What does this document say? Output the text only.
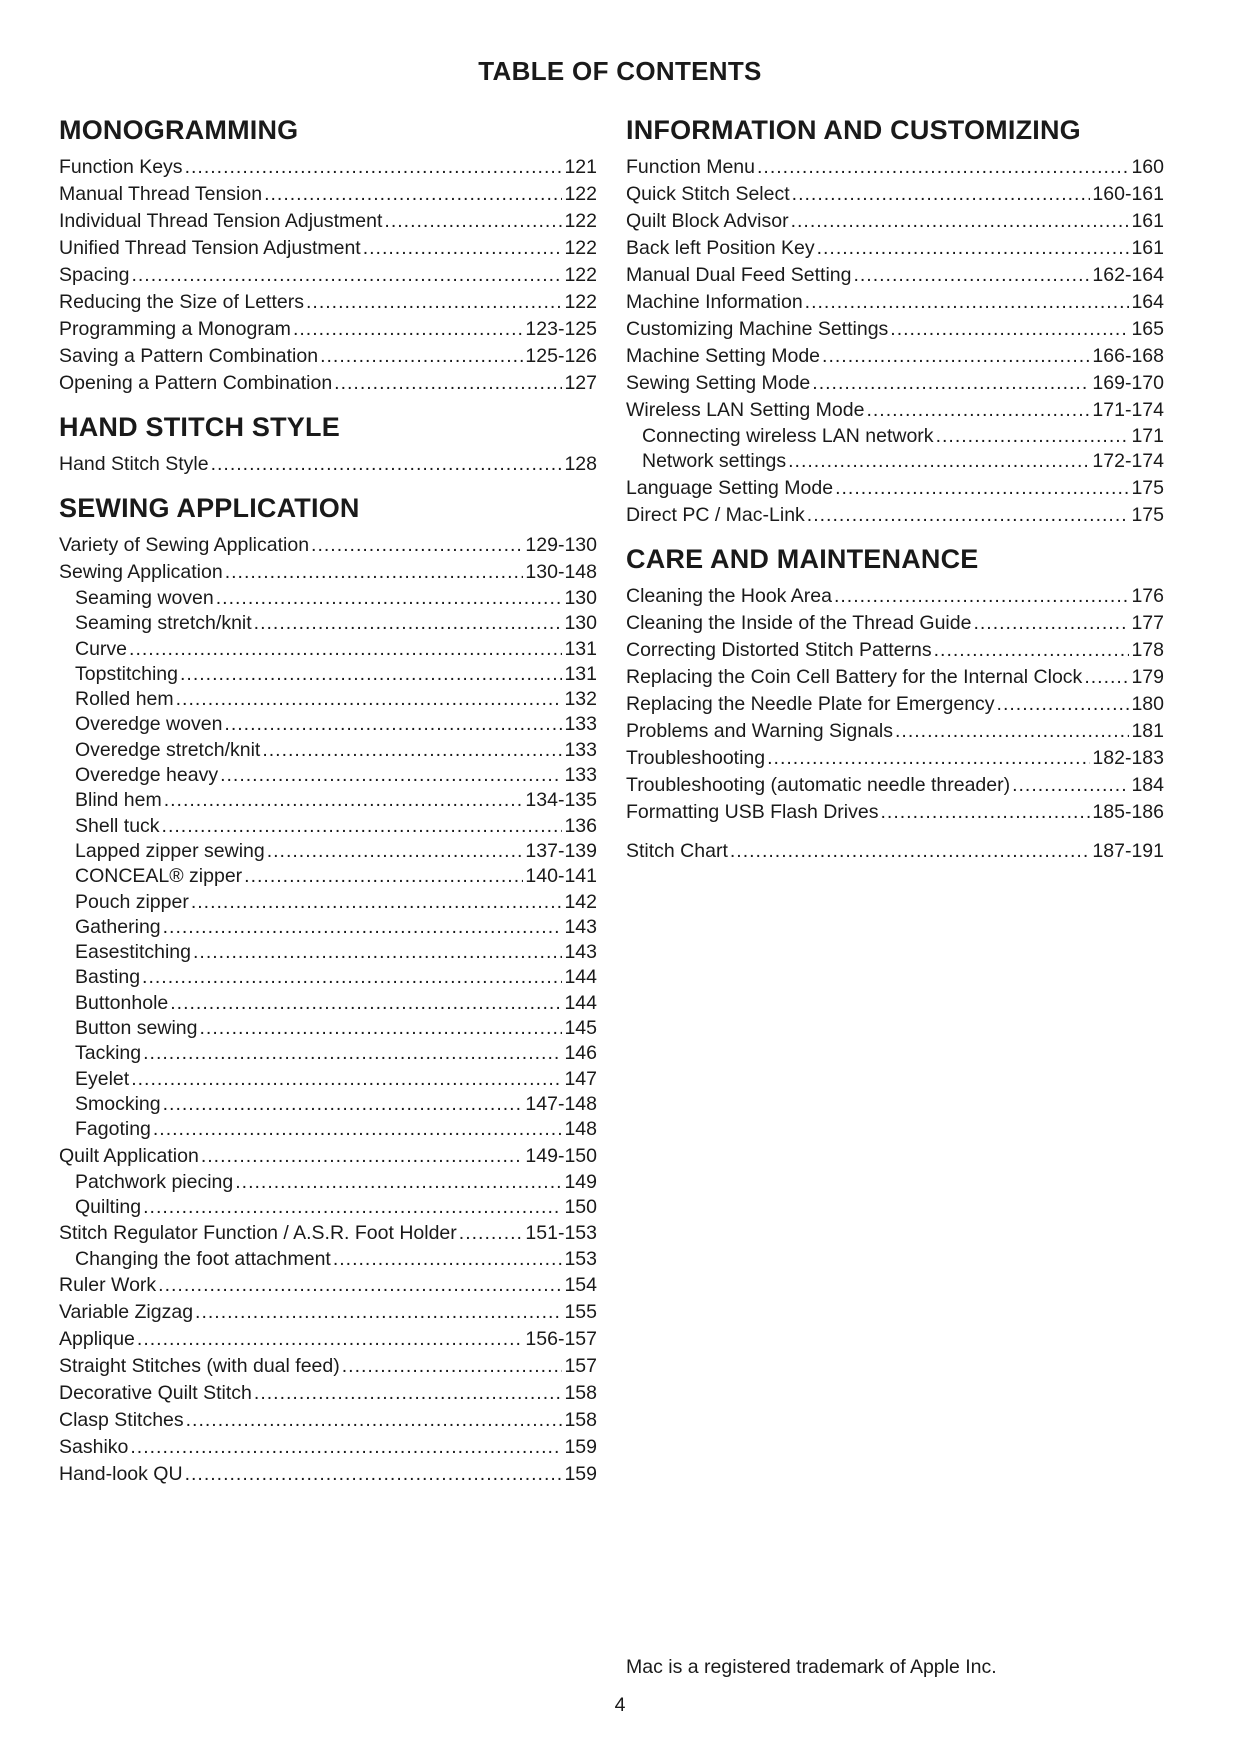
TABLE OF CONTENTS
MONOGRAMMING
Function Keys .....	121
Manual Thread Tension .....	122
Individual Thread Tension Adjustment .....	122
Unified Thread Tension Adjustment .....	122
Spacing .....	122
Reducing the Size of Letters .....	122
Programming a Monogram .....	123-125
Saving a Pattern Combination .....	125-126
Opening a Pattern Combination .....	127
HAND STITCH STYLE
Hand Stitch Style .....	128
SEWING APPLICATION
Variety of Sewing Application .....	129-130
Sewing Application .....	130-148
Seaming woven .....	130
Seaming stretch/knit .....	130
Curve .....	131
Topstitching .....	131
Rolled hem .....	132
Overedge woven .....	133
Overedge stretch/knit .....	133
Overedge heavy .....	133
Blind hem .....	134-135
Shell tuck .....	136
Lapped zipper sewing .....	137-139
CONCEAL® zipper .....	140-141
Pouch zipper .....	142
Gathering .....	143
Easestitching .....	143
Basting .....	144
Buttonhole .....	144
Button sewing .....	145
Tacking .....	146
Eyelet .....	147
Smocking .....	147-148
Fagoting .....	148
Quilt Application .....	149-150
Patchwork piecing .....	149
Quilting .....	150
Stitch Regulator Function / A.S.R. Foot Holder .....	151-153
Changing the foot attachment .....	153
Ruler Work .....	154
Variable Zigzag .....	155
Applique .....	156-157
Straight Stitches (with dual feed) .....	157
Decorative Quilt Stitch .....	158
Clasp Stitches .....	158
Sashiko .....	159
Hand-look QU .....	159
INFORMATION AND CUSTOMIZING
Function Menu .....	160
Quick Stitch Select .....	160-161
Quilt Block Advisor .....	161
Back left Position Key .....	161
Manual Dual Feed Setting .....	162-164
Machine Information .....	164
Customizing Machine Settings .....	165
Machine Setting Mode .....	166-168
Sewing Setting Mode .....	169-170
Wireless LAN Setting Mode .....	171-174
Connecting wireless LAN network .....	171
Network settings .....	172-174
Language Setting Mode .....	175
Direct PC / Mac-Link .....	175
CARE AND MAINTENANCE
Cleaning the Hook Area .....	176
Cleaning the Inside of the Thread Guide .....	177
Correcting Distorted Stitch Patterns .....	178
Replacing the Coin Cell Battery for the Internal Clock .....	179
Replacing the Needle Plate for Emergency .....	180
Problems and Warning Signals .....	181
Troubleshooting .....	182-183
Troubleshooting (automatic needle threader) .....	184
Formatting USB Flash Drives .....	185-186
Stitch Chart .....	187-191
Mac is a registered trademark of Apple Inc.
4
